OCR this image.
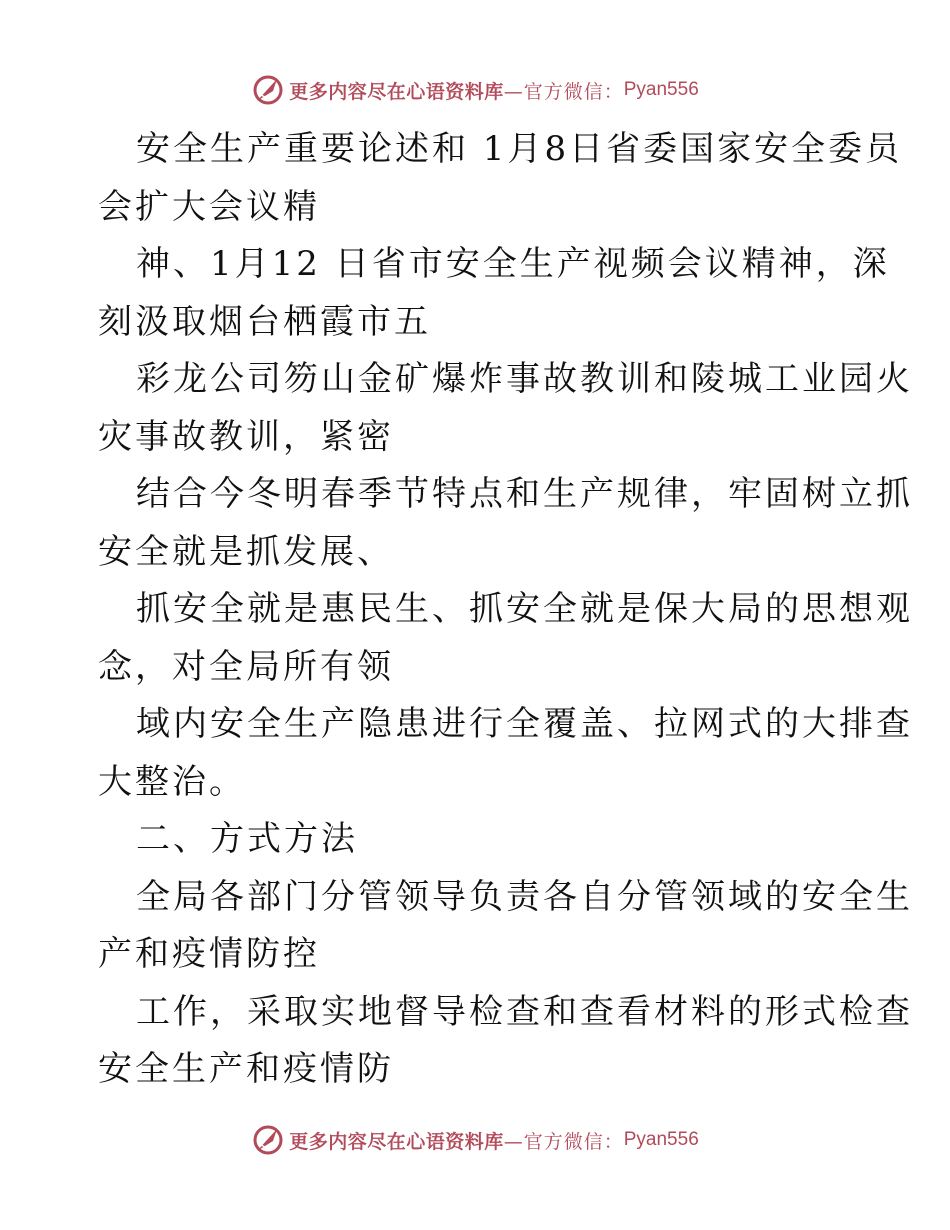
更多内容尽在心语资料库 —官方微信： Pyan556
安全生产重要论述和 1月8日省委国家安全委员
会扩大会议精
神、1月12 日省市安全生产视频会议精神，深
刻汲取烟台栖霞市五
彩龙公司笏山金矿爆炸事故教训和陵城工业园火
灾事故教训，紧密
结合今冬明春季节特点和生产规律，牢固树立抓
安全就是抓发展、
抓安全就是惠民生、抓安全就是保大局的思想观
念，对全局所有领
域内安全生产隐患进行全覆盖、拉网式的大排查
大整治。
二、方式方法
全局各部门分管领导负责各自分管领域的安全生
产和疫情防控
工作，采取实地督导检查和查看材料的形式检查
安全生产和疫情防
更多内容尽在心语资料库 —官方微信： Pyan556
